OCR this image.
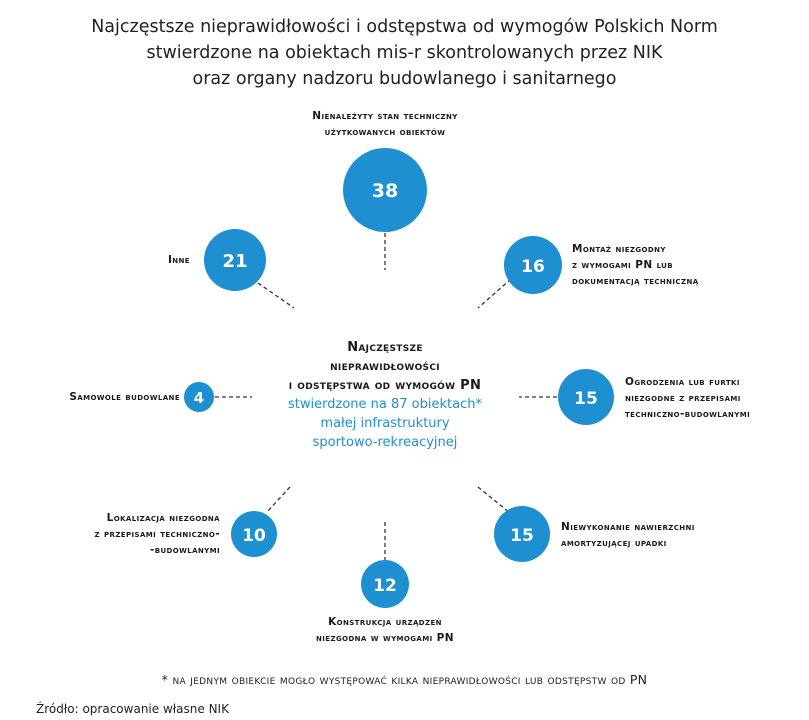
Najczęstsze nieprawidłowości i odstępstwa od wymogów Polskich Norm
stwierdzone na obiektach mis-r skontrolowanych przez NIK
oraz organy nadzoru budowlanego i sanitarnego
38
16
15
15
12
10
4
21
Najczęstsze
nieprawidłowości
i odstępstwa od wymogów PN
stwierdzone na 87 obiektach*
małej infrastruktury
sportowo-rekreacyjnej
Nienależyty stan techniczny
użytkowanych obiektów
Montaż niezgodny
z wymogami PN lub
dokumentacją techniczną
Ogrodzenia lub furtki
niezgodne z przepisami
techniczno-budowlanymi
Niewykonanie nawierzchni
amortyzującej upadki
Konstrukcja urządzeń
niezgodna w wymogami PN
Lokalizacja niezgodna
z przepisami techniczno-
-budowlanymi
Samowole budowlane
Inne
* na jednym obiekcie mogło występować kilka nieprawidłowości lub odstępstw od PN
Źródło: opracowanie własne NIK
